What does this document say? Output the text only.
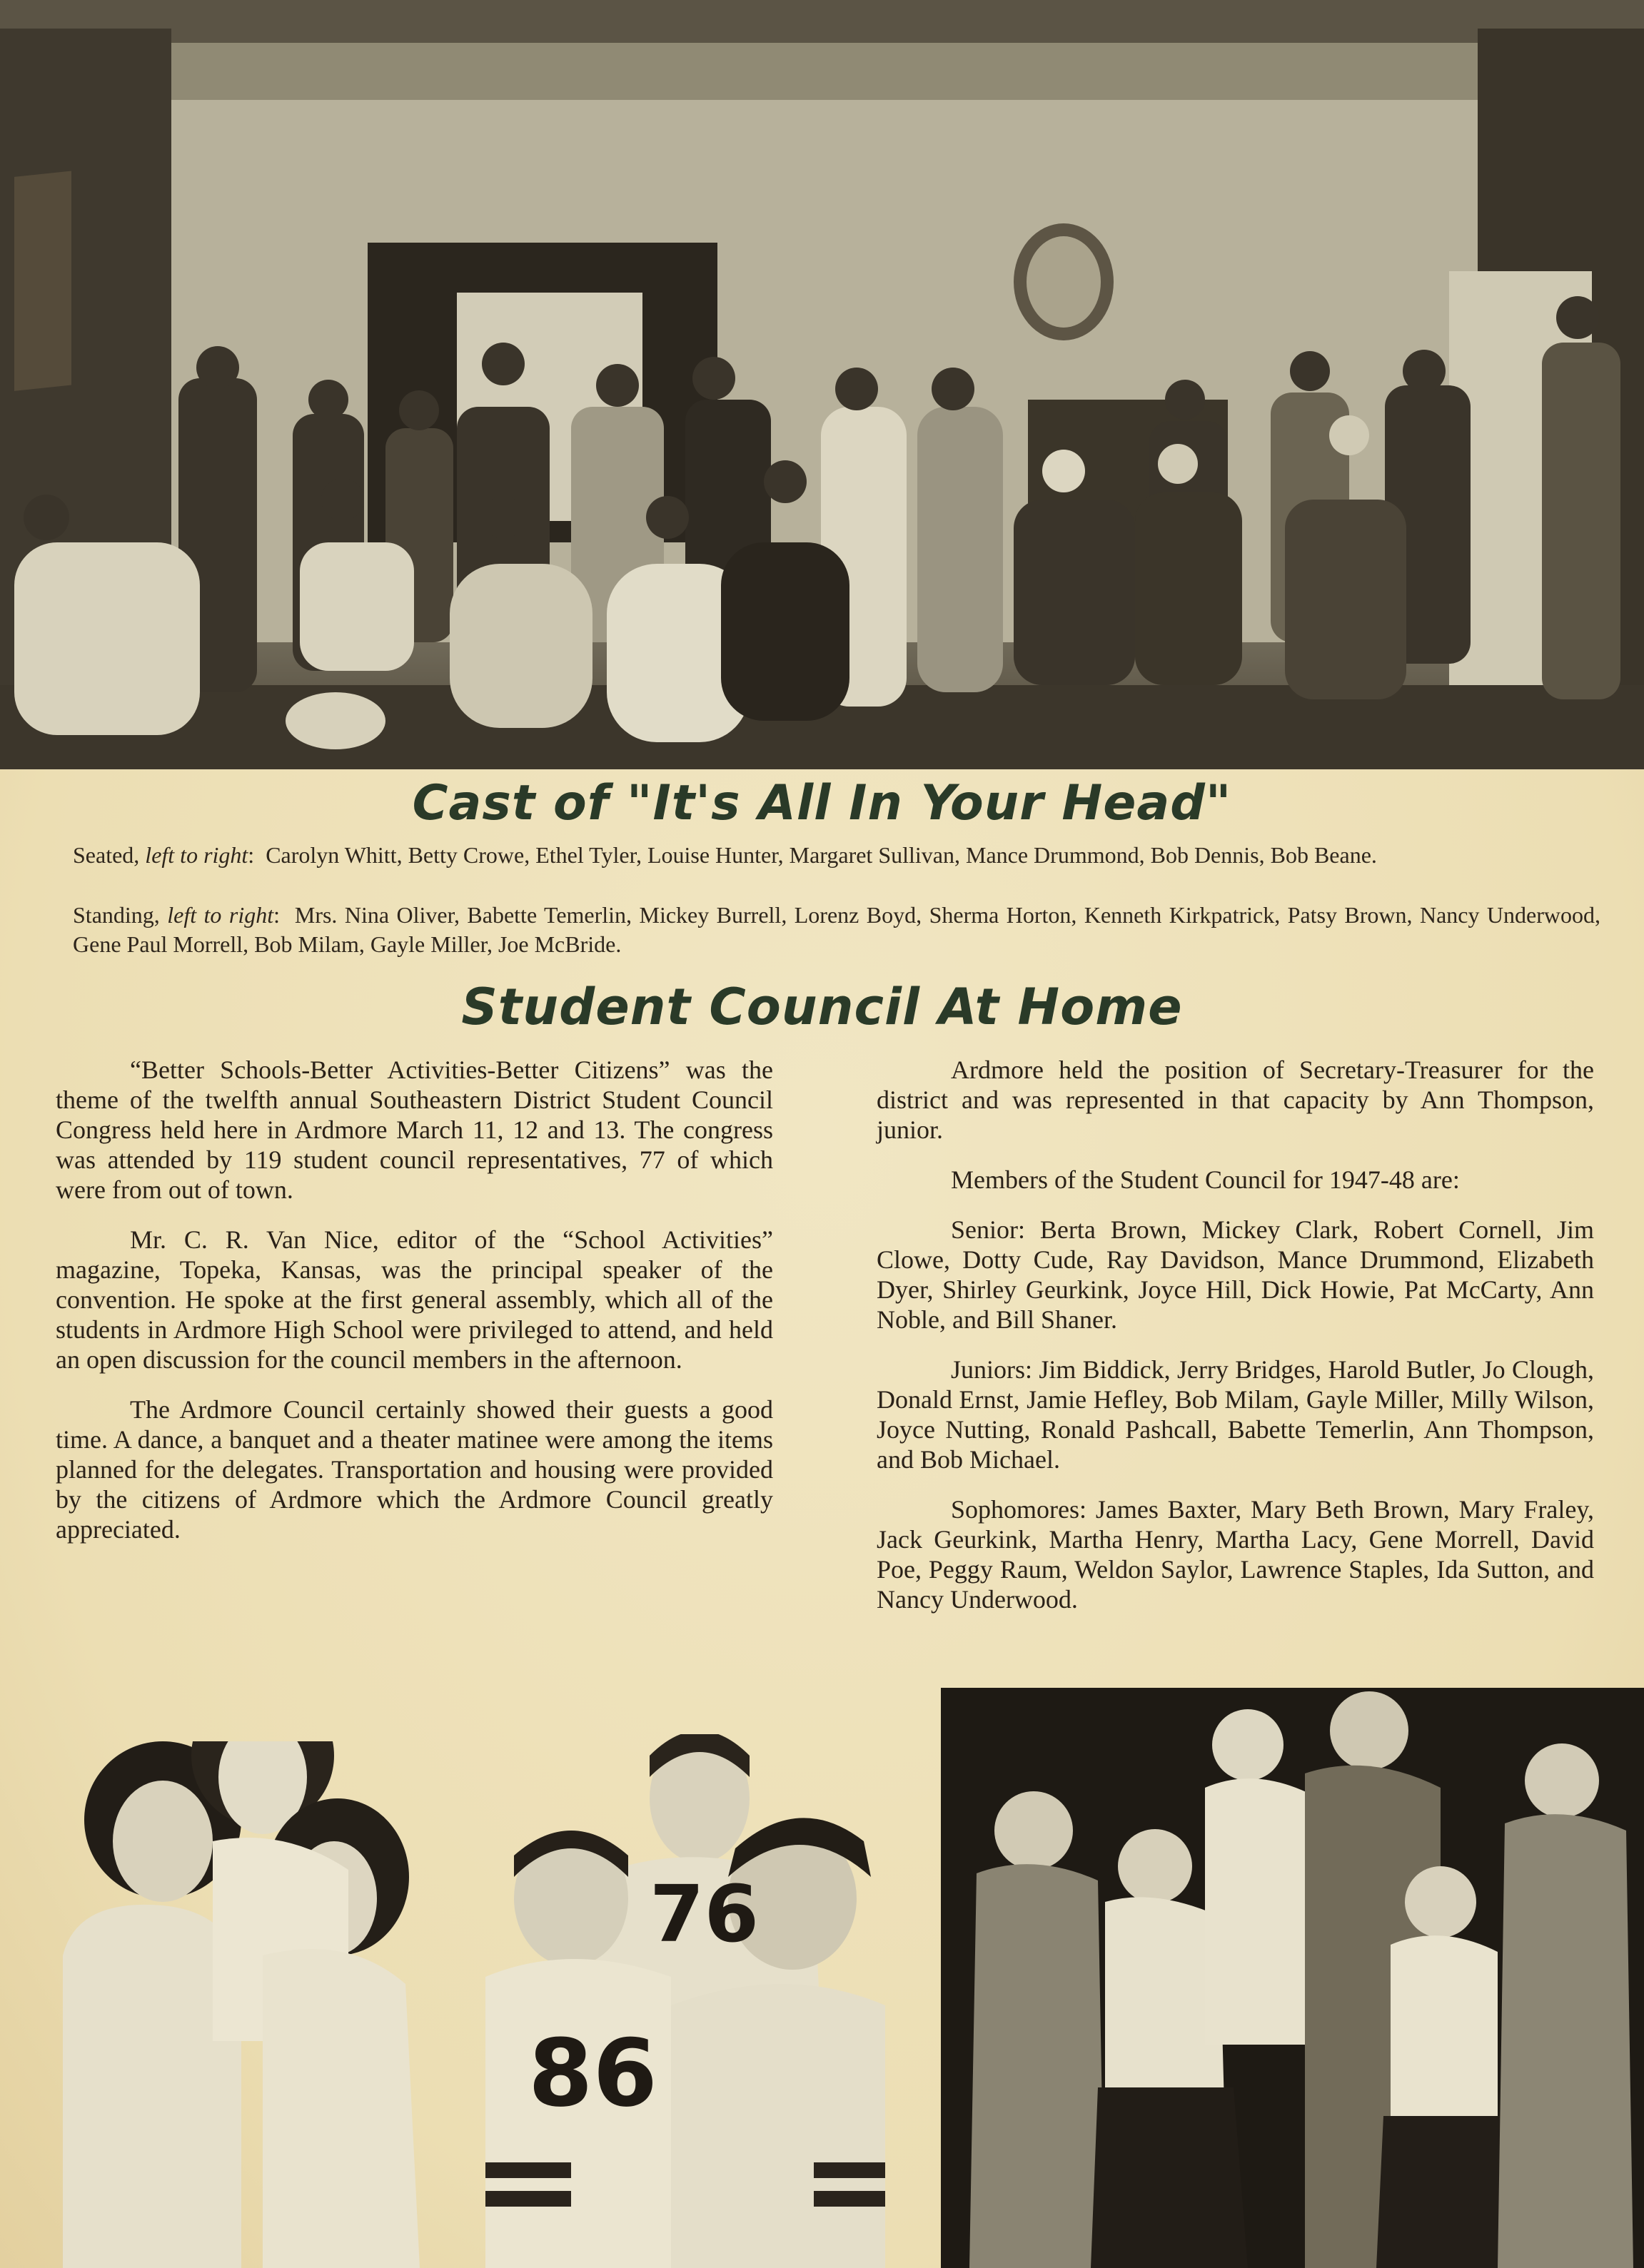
Cast of "It's All In Your Head"
Seated, left to right:  Carolyn Whitt, Betty Crowe, Ethel Tyler, Louise Hunter, Margaret Sullivan, Mance Drummond, Bob Dennis, Bob Beane.
Standing, left to right:  Mrs. Nina Oliver, Babette Temerlin, Mickey Burrell, Lorenz Boyd, Sherma Horton, Kenneth Kirkpatrick, Patsy Brown, Nancy Underwood, Gene Paul Morrell, Bob Milam, Gayle Miller, Joe McBride.
Student Council At Home

“Better Schools-Better Activities-Better Citizens” was the theme of the twelfth annual Southeastern District Student Council Congress held here in Ardmore March 11, 12 and 13. The congress was attended by 119 student council representatives, 77 of which were from out of town.

Mr. C. R. Van Nice, editor of the “School Activities” magazine, Topeka, Kansas, was the principal speaker of the convention. He spoke at the first general assembly, which all of the students in Ardmore High School were privileged to attend, and held an open discussion for the council members in the afternoon.

The Ardmore Council certainly showed their guests a good time. A dance, a banquet and a theater matinee were among the items planned for the delegates. Transportation and housing were provided by the citizens of Ardmore which the Ardmore Council greatly appreciated.

Ardmore held the position of Secretary-Treasurer for the district and was represented in that capacity by Ann Thompson, junior.

Members of the Student Council for 1947-48 are:

Senior: Berta Brown, Mickey Clark, Robert Cornell, Jim Clowe, Dotty Cude, Ray Davidson, Mance Drummond, Elizabeth Dyer, Shirley Geurkink, Joyce Hill, Dick Howie, Pat McCarty, Ann Noble, and Bill Shaner.

Juniors: Jim Biddick, Jerry Bridges, Harold Butler, Jo Clough, Donald Ernst, Jamie Hefley, Bob Milam, Gayle Miller, Milly Wilson, Joyce Nutting, Ronald Pashcall, Babette Temerlin, Ann Thompson, and Bob Michael.

Sophomores: James Baxter, Mary Beth Brown, Mary Fraley, Jack Geurkink, Martha Henry, Martha Lacy, Gene Morrell, David Poe, Peggy Raum, Weldon Saylor, Lawrence Staples, Ida Sutton, and Nancy Underwood.

86
76
